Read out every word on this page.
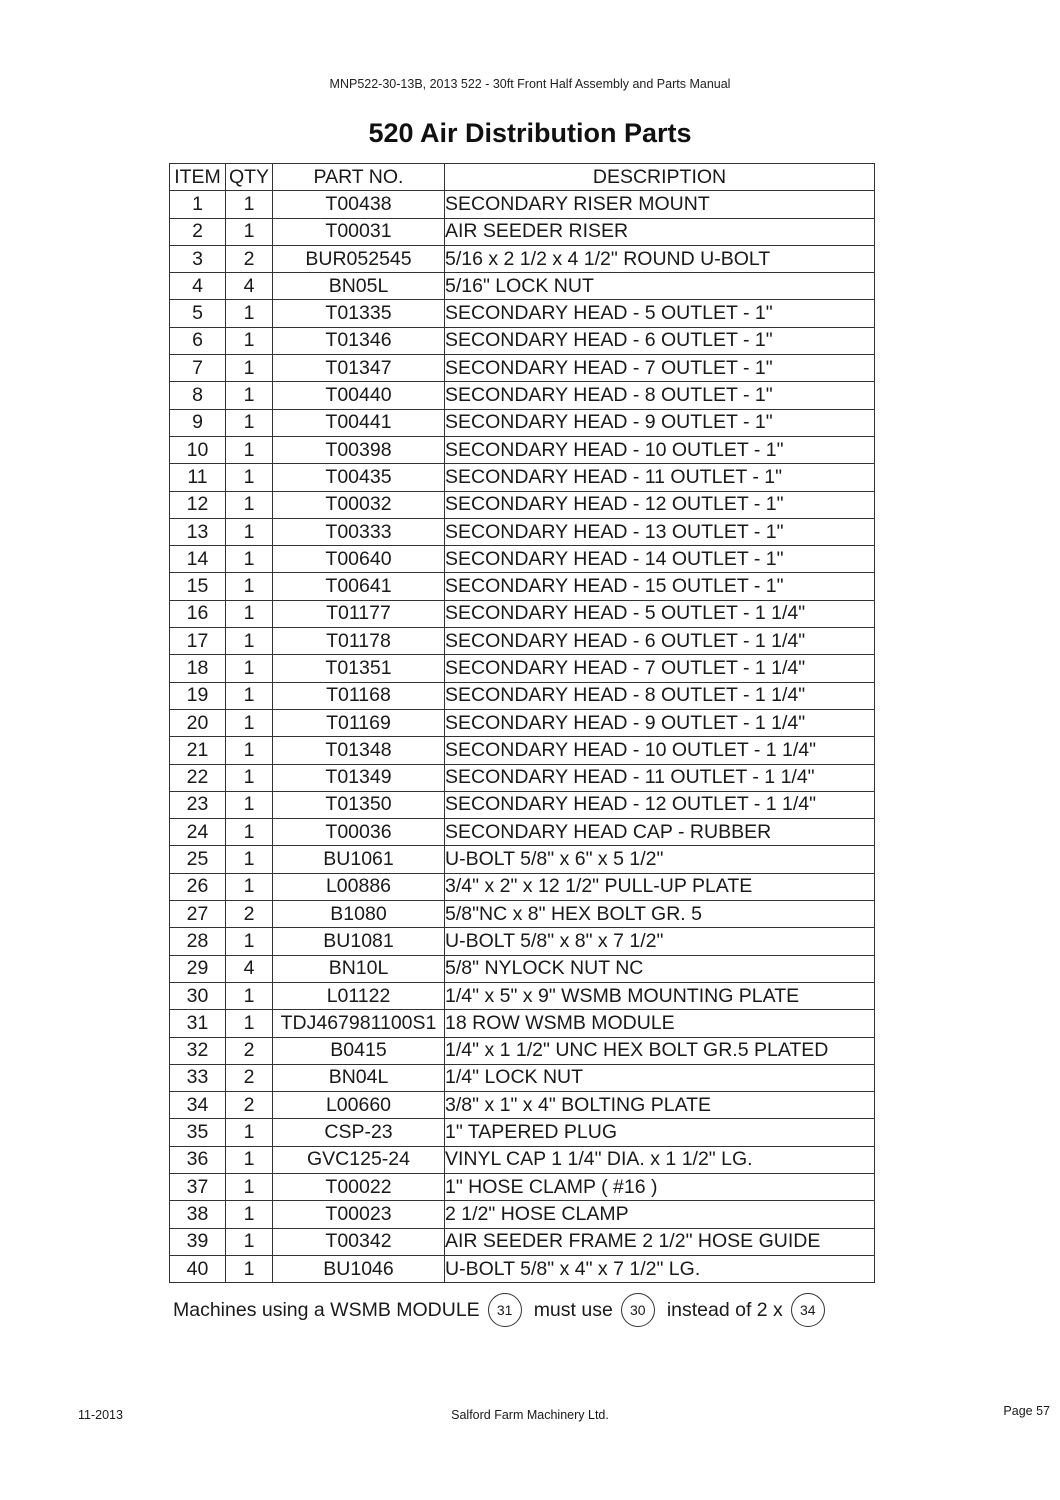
MNP522-30-13B, 2013 522 - 30ft Front Half Assembly and Parts Manual
520 Air Distribution Parts
ITEM	QTY	PART NO.	DESCRIPTION
1	1	T00438	SECONDARY RISER MOUNT
2	1	T00031	AIR SEEDER RISER
3	2	BUR052545	5/16 x 2 1/2 x 4 1/2" ROUND U-BOLT
4	4	BN05L	5/16" LOCK NUT
5	1	T01335	SECONDARY HEAD - 5 OUTLET - 1"
6	1	T01346	SECONDARY HEAD - 6 OUTLET - 1"
7	1	T01347	SECONDARY HEAD - 7 OUTLET - 1"
8	1	T00440	SECONDARY HEAD - 8 OUTLET - 1"
9	1	T00441	SECONDARY HEAD - 9 OUTLET - 1"
10	1	T00398	SECONDARY HEAD - 10 OUTLET - 1"
11	1	T00435	SECONDARY HEAD - 11 OUTLET - 1"
12	1	T00032	SECONDARY HEAD - 12 OUTLET - 1"
13	1	T00333	SECONDARY HEAD - 13 OUTLET - 1"
14	1	T00640	SECONDARY HEAD - 14 OUTLET - 1"
15	1	T00641	SECONDARY HEAD - 15 OUTLET - 1"
16	1	T01177	SECONDARY HEAD - 5 OUTLET - 1 1/4"
17	1	T01178	SECONDARY HEAD - 6 OUTLET - 1 1/4"
18	1	T01351	SECONDARY HEAD - 7 OUTLET - 1 1/4"
19	1	T01168	SECONDARY HEAD - 8 OUTLET - 1 1/4"
20	1	T01169	SECONDARY HEAD - 9 OUTLET - 1 1/4"
21	1	T01348	SECONDARY HEAD - 10 OUTLET - 1 1/4"
22	1	T01349	SECONDARY HEAD - 11 OUTLET - 1 1/4"
23	1	T01350	SECONDARY HEAD - 12 OUTLET - 1 1/4"
24	1	T00036	SECONDARY HEAD CAP - RUBBER
25	1	BU1061	U-BOLT 5/8" x 6" x 5 1/2"
26	1	L00886	3/4" x 2" x 12 1/2" PULL-UP PLATE
27	2	B1080	5/8"NC x 8" HEX BOLT GR. 5
28	1	BU1081	U-BOLT 5/8" x 8" x 7 1/2"
29	4	BN10L	5/8" NYLOCK NUT NC
30	1	L01122	1/4" x 5" x 9" WSMB MOUNTING PLATE
31	1	TDJ467981100S1	18 ROW WSMB MODULE
32	2	B0415	1/4" x 1 1/2" UNC HEX BOLT GR.5 PLATED
33	2	BN04L	1/4" LOCK NUT
34	2	L00660	3/8" x 1" x 4" BOLTING PLATE
35	1	CSP-23	1" TAPERED PLUG
36	1	GVC125-24	VINYL CAP 1 1/4" DIA. x 1 1/2" LG.
37	1	T00022	1" HOSE CLAMP ( #16 )
38	1	T00023	2 1/2" HOSE CLAMP
39	1	T00342	AIR SEEDER FRAME 2 1/2" HOSE GUIDE
40	1	BU1046	U-BOLT 5/8" x 4" x 7 1/2" LG.
Machines using a WSMB MODULE	31	must use	30	instead of 2 x	34
11-2013	Salford Farm Machinery Ltd.	Page 57
